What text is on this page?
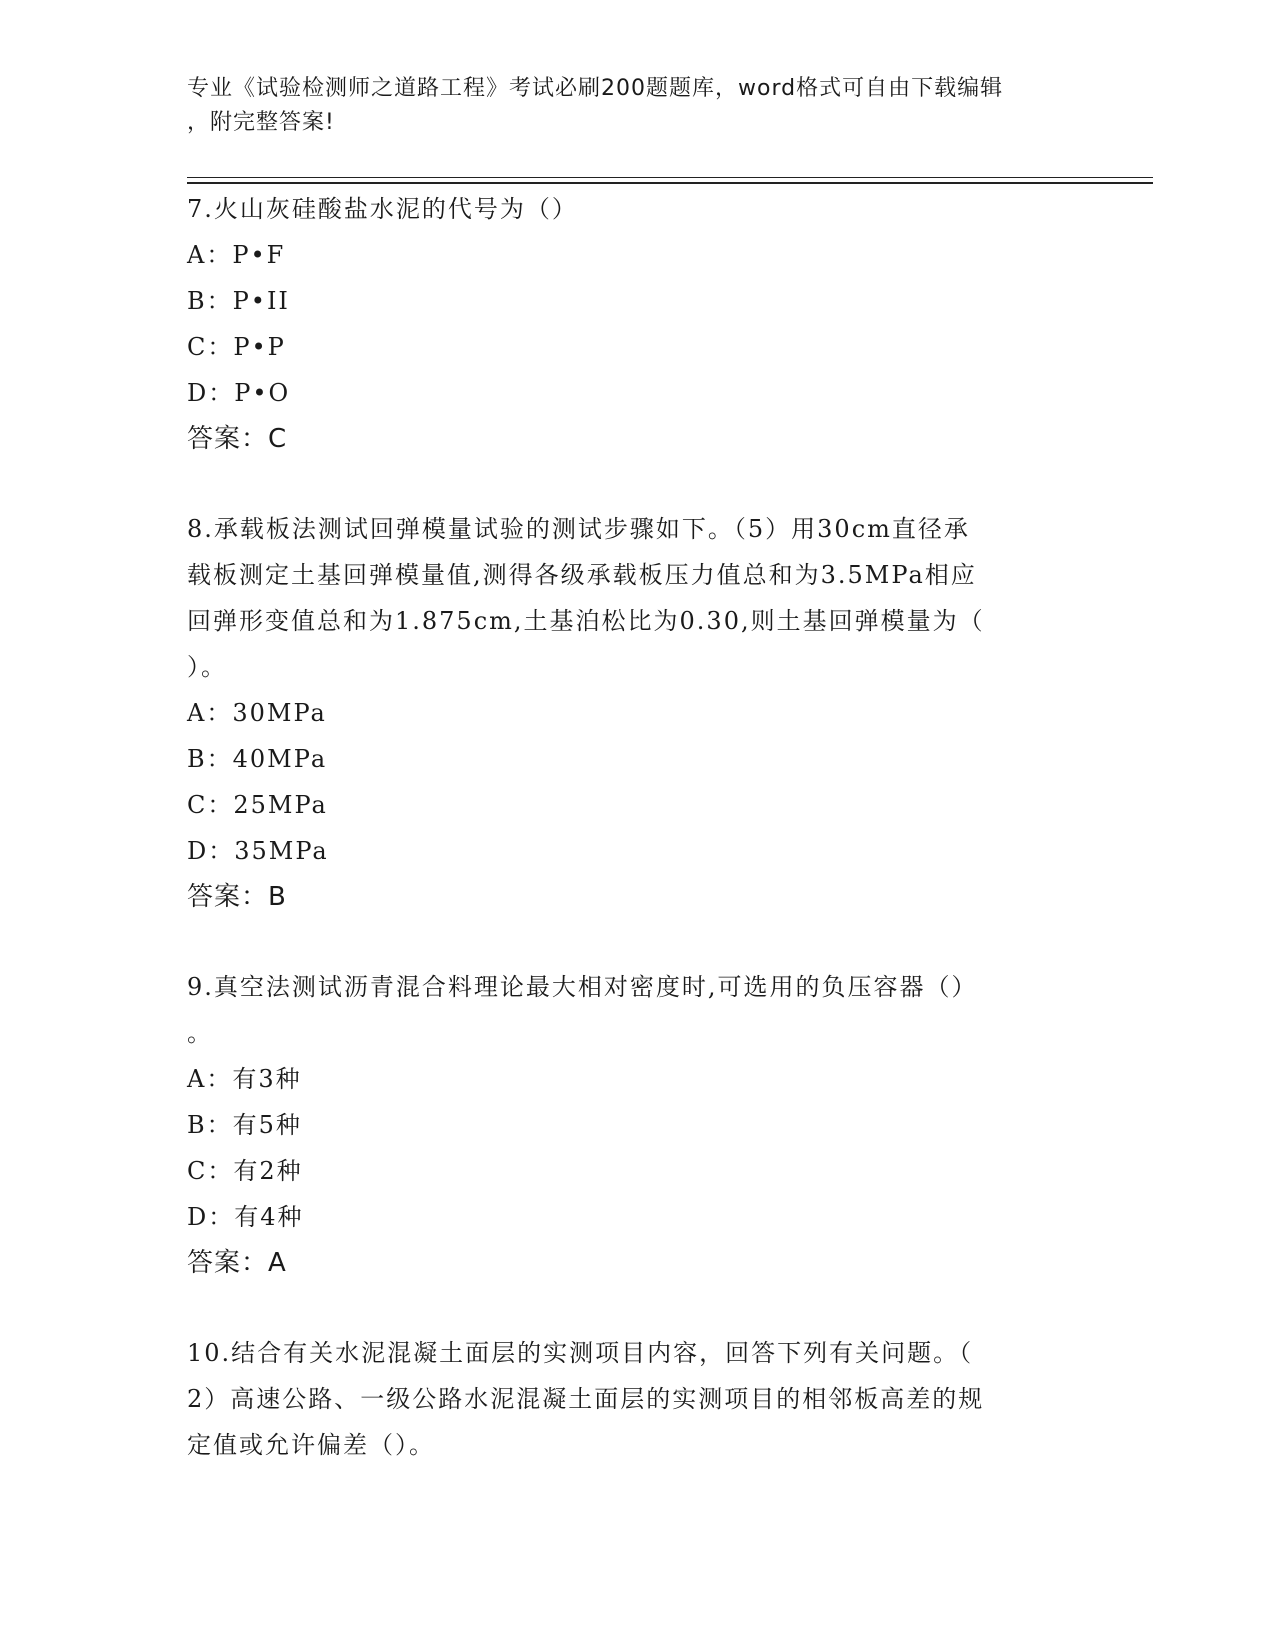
专业《试验检测师之道路工程》考试必刷200题题库，word格式可自由下载编辑
，附完整答案!
7.火山灰硅酸盐水泥的代号为（）
A：P•F
B：P•II
C：P•P
D：P•O
答案：C
8.承载板法测试回弹模量试验的测试步骤如下。（5）用30cm直径承
载板测定土基回弹模量值,测得各级承载板压力值总和为3.5MPa相应
回弹形变值总和为1.875cm,土基泊松比为0.30,则土基回弹模量为（
）。
A：30MPa
B：40MPa
C：25MPa
D：35MPa
答案：B
9.真空法测试沥青混合料理论最大相对密度时,可选用的负压容器（）
。
A：有3种
B：有5种
C：有2种
D：有4种
答案：A
10.结合有关水泥混凝土面层的实测项目内容，回答下列有关问题。（
2）高速公路、一级公路水泥混凝土面层的实测项目的相邻板高差的规
定值或允许偏差（）。
